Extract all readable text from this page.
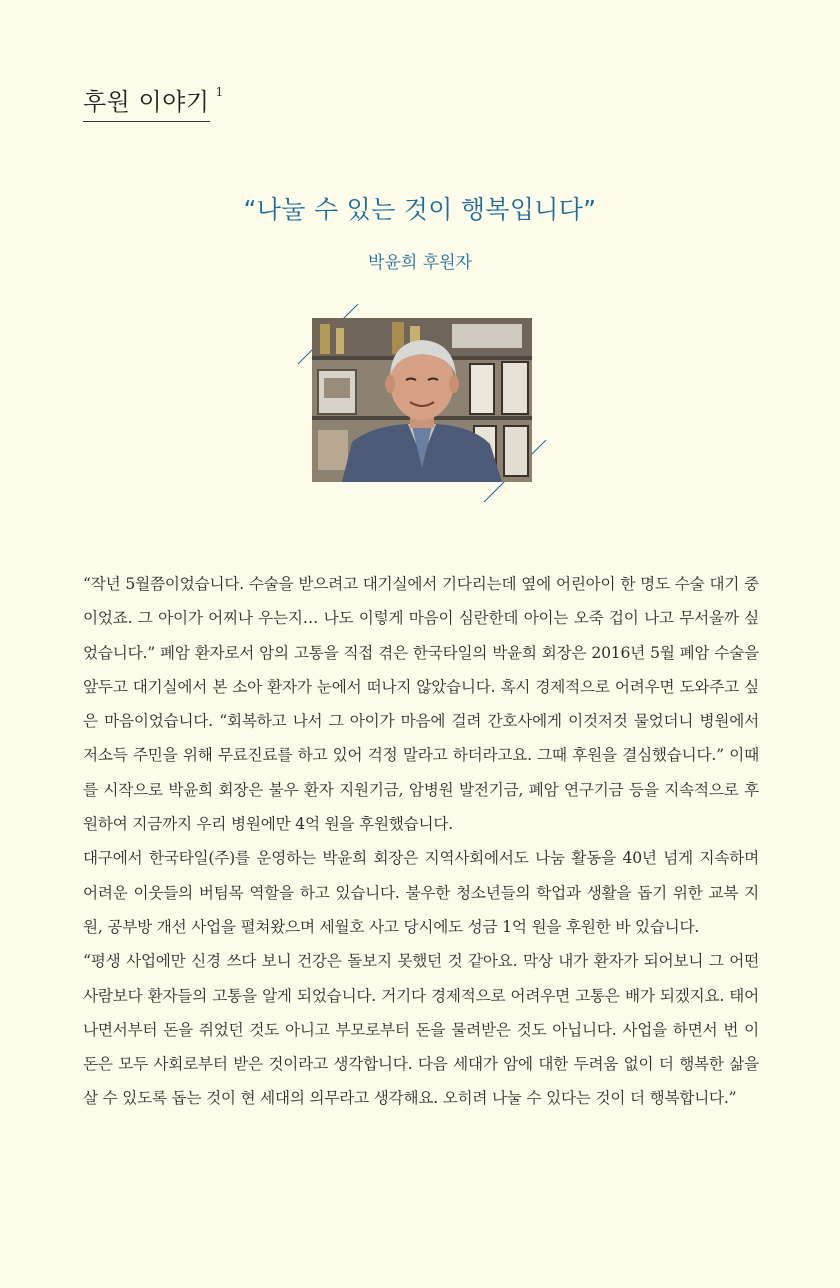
후원 이야기 $^1$
“나눌 수 있는 것이 행복입니다”
박윤희 후원자

“작년 5월쯤이었습니다. 수술을 받으려고 대기실에서 기다리는데 옆에 어린아이 한 명도 수술 대기 중이었죠. 그 아이가 어찌나 우는지… 나도 이렇게 마음이 심란한데 아이는 오죽 겁이 나고 무서울까 싶었습니다.” 폐암 환자로서 암의 고통을 직접 겪은 한국타일의 박윤희 회장은 2016년 5월 폐암 수술을 앞두고 대기실에서 본 소아 환자가 눈에서 떠나지 않았습니다. 혹시 경제적으로 어려우면 도와주고 싶은 마음이었습니다. “회복하고 나서 그 아이가 마음에 걸려 간호사에게 이것저것 물었더니 병원에서 저소득 주민을 위해 무료진료를 하고 있어 걱정 말라고 하더라고요. 그때 후원을 결심했습니다.” 이때를 시작으로 박윤희 회장은 불우 환자 지원기금, 암병원 발전기금, 폐암 연구기금 등을 지속적으로 후원하여 지금까지 우리 병원에만 4억 원을 후원했습니다.

대구에서 한국타일(주)를 운영하는 박윤희 회장은 지역사회에서도 나눔 활동을 40년 넘게 지속하며 어려운 이웃들의 버팀목 역할을 하고 있습니다. 불우한 청소년들의 학업과 생활을 돕기 위한 교복 지원, 공부방 개선 사업을 펼쳐왔으며 세월호 사고 당시에도 성금 1억 원을 후원한 바 있습니다.

“평생 사업에만 신경 쓰다 보니 건강은 돌보지 못했던 것 같아요. 막상 내가 환자가 되어보니 그 어떤 사람보다 환자들의 고통을 알게 되었습니다. 거기다 경제적으로 어려우면 고통은 배가 되겠지요. 태어나면서부터 돈을 쥐었던 것도 아니고 부모로부터 돈을 물려받은 것도 아닙니다. 사업을 하면서 번 이 돈은 모두 사회로부터 받은 것이라고 생각합니다. 다음 세대가 암에 대한 두려움 없이 더 행복한 삶을 살 수 있도록 돕는 것이 현 세대의 의무라고 생각해요. 오히려 나눌 수 있다는 것이 더 행복합니다.”
